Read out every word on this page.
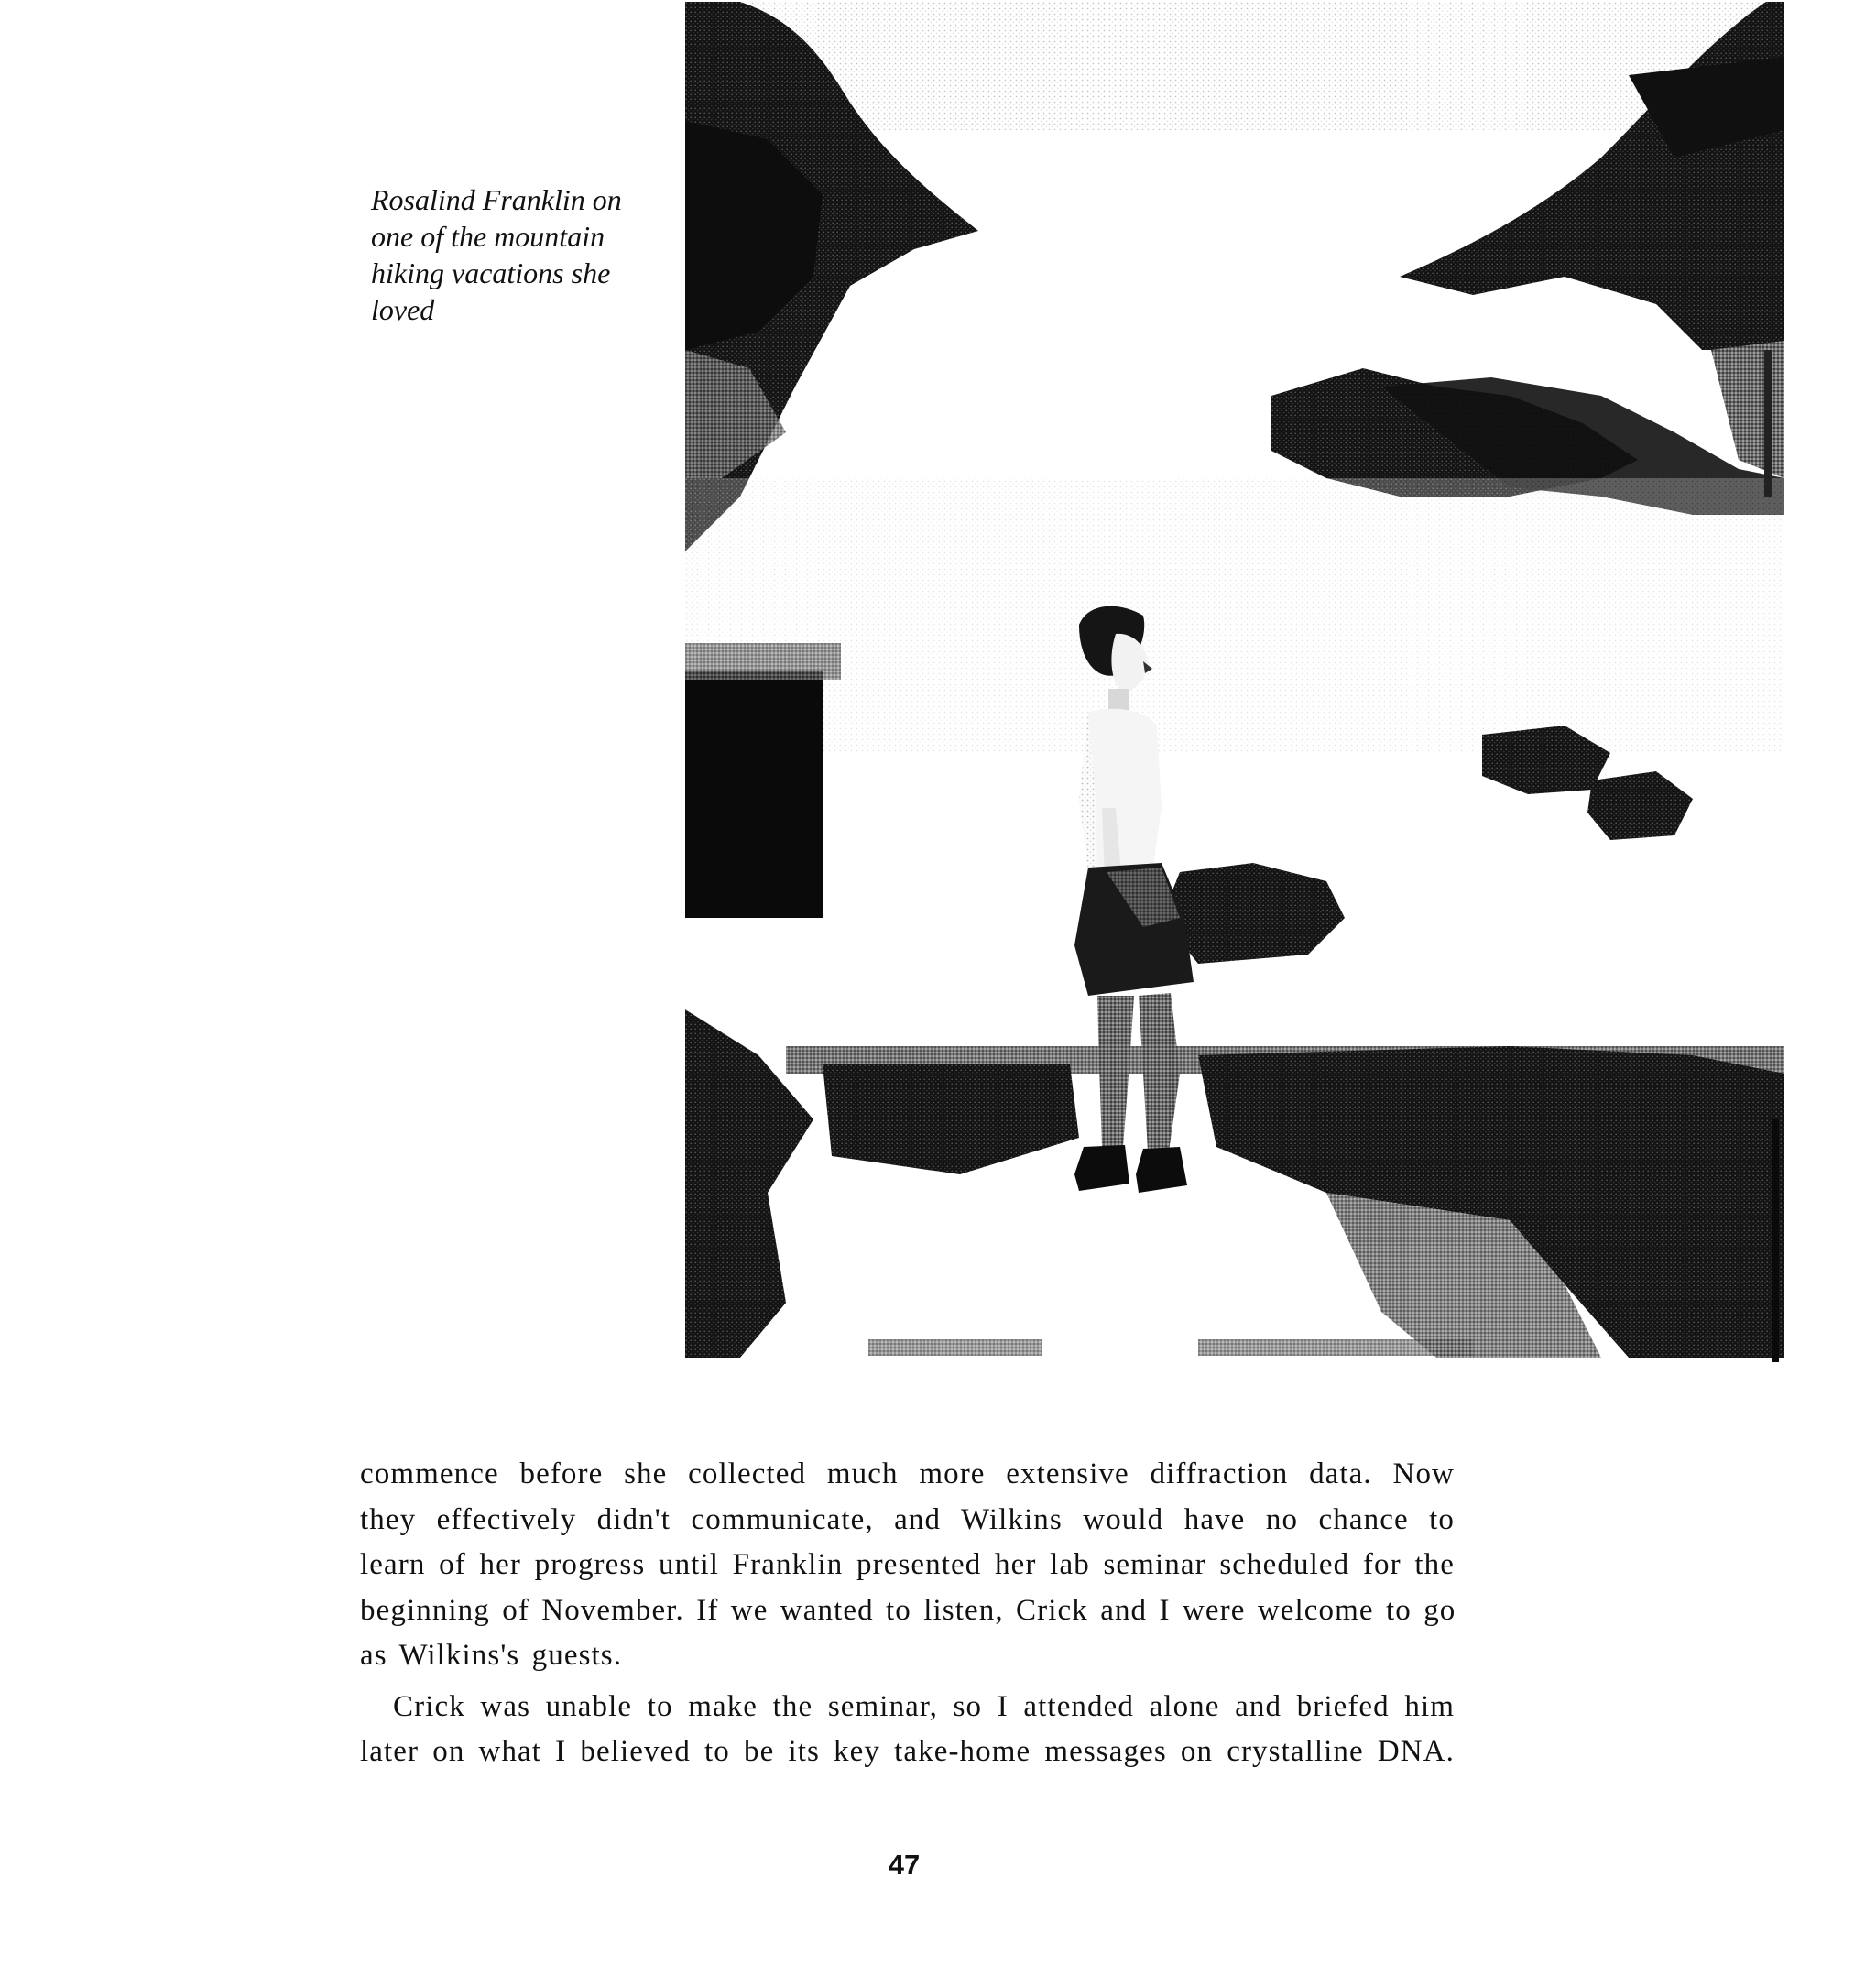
Rosalind Franklin on
one of the mountain
hiking vacations she
loved
commence before she collected much more extensive diffraction data. Now
they effectively didn't communicate, and Wilkins would have no chance to
learn of her progress until Franklin presented her lab seminar scheduled for the
beginning of November. If we wanted to listen, Crick and I were welcome to go
as Wilkins's guests.
Crick was unable to make the seminar, so I attended alone and briefed him
later on what I believed to be its key take-home messages on crystalline DNA.
47
